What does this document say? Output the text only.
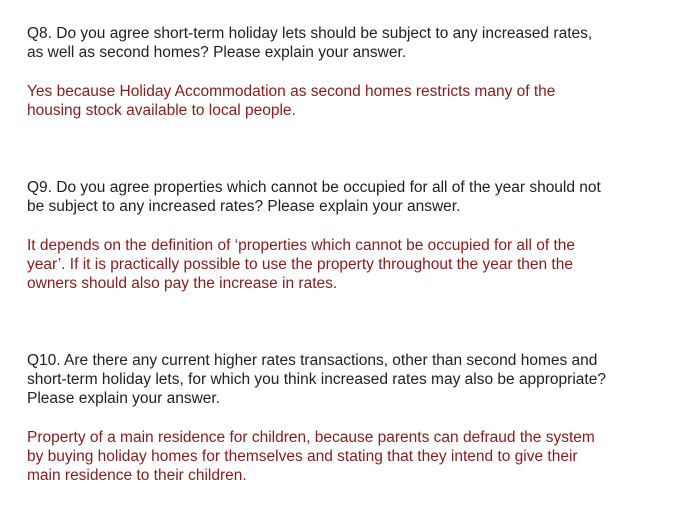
Q8. Do you agree short-term holiday lets should be subject to any increased rates,
as well as second homes? Please explain your answer.

Yes because Holiday Accommodation as second homes restricts many of the
housing stock available to local people.

Q9. Do you agree properties which cannot be occupied for all of the year should not
be subject to any increased rates? Please explain your answer.

It depends on the definition of ‘properties which cannot be occupied for all of the
year’. If it is practically possible to use the property throughout the year then the
owners should also pay the increase in rates.

Q10. Are there any current higher rates transactions, other than second homes and
short-term holiday lets, for which you think increased rates may also be appropriate?
Please explain your answer.

Property of a main residence for children, because parents can defraud the system
by buying holiday homes for themselves and stating that they intend to give their
main residence to their children.
